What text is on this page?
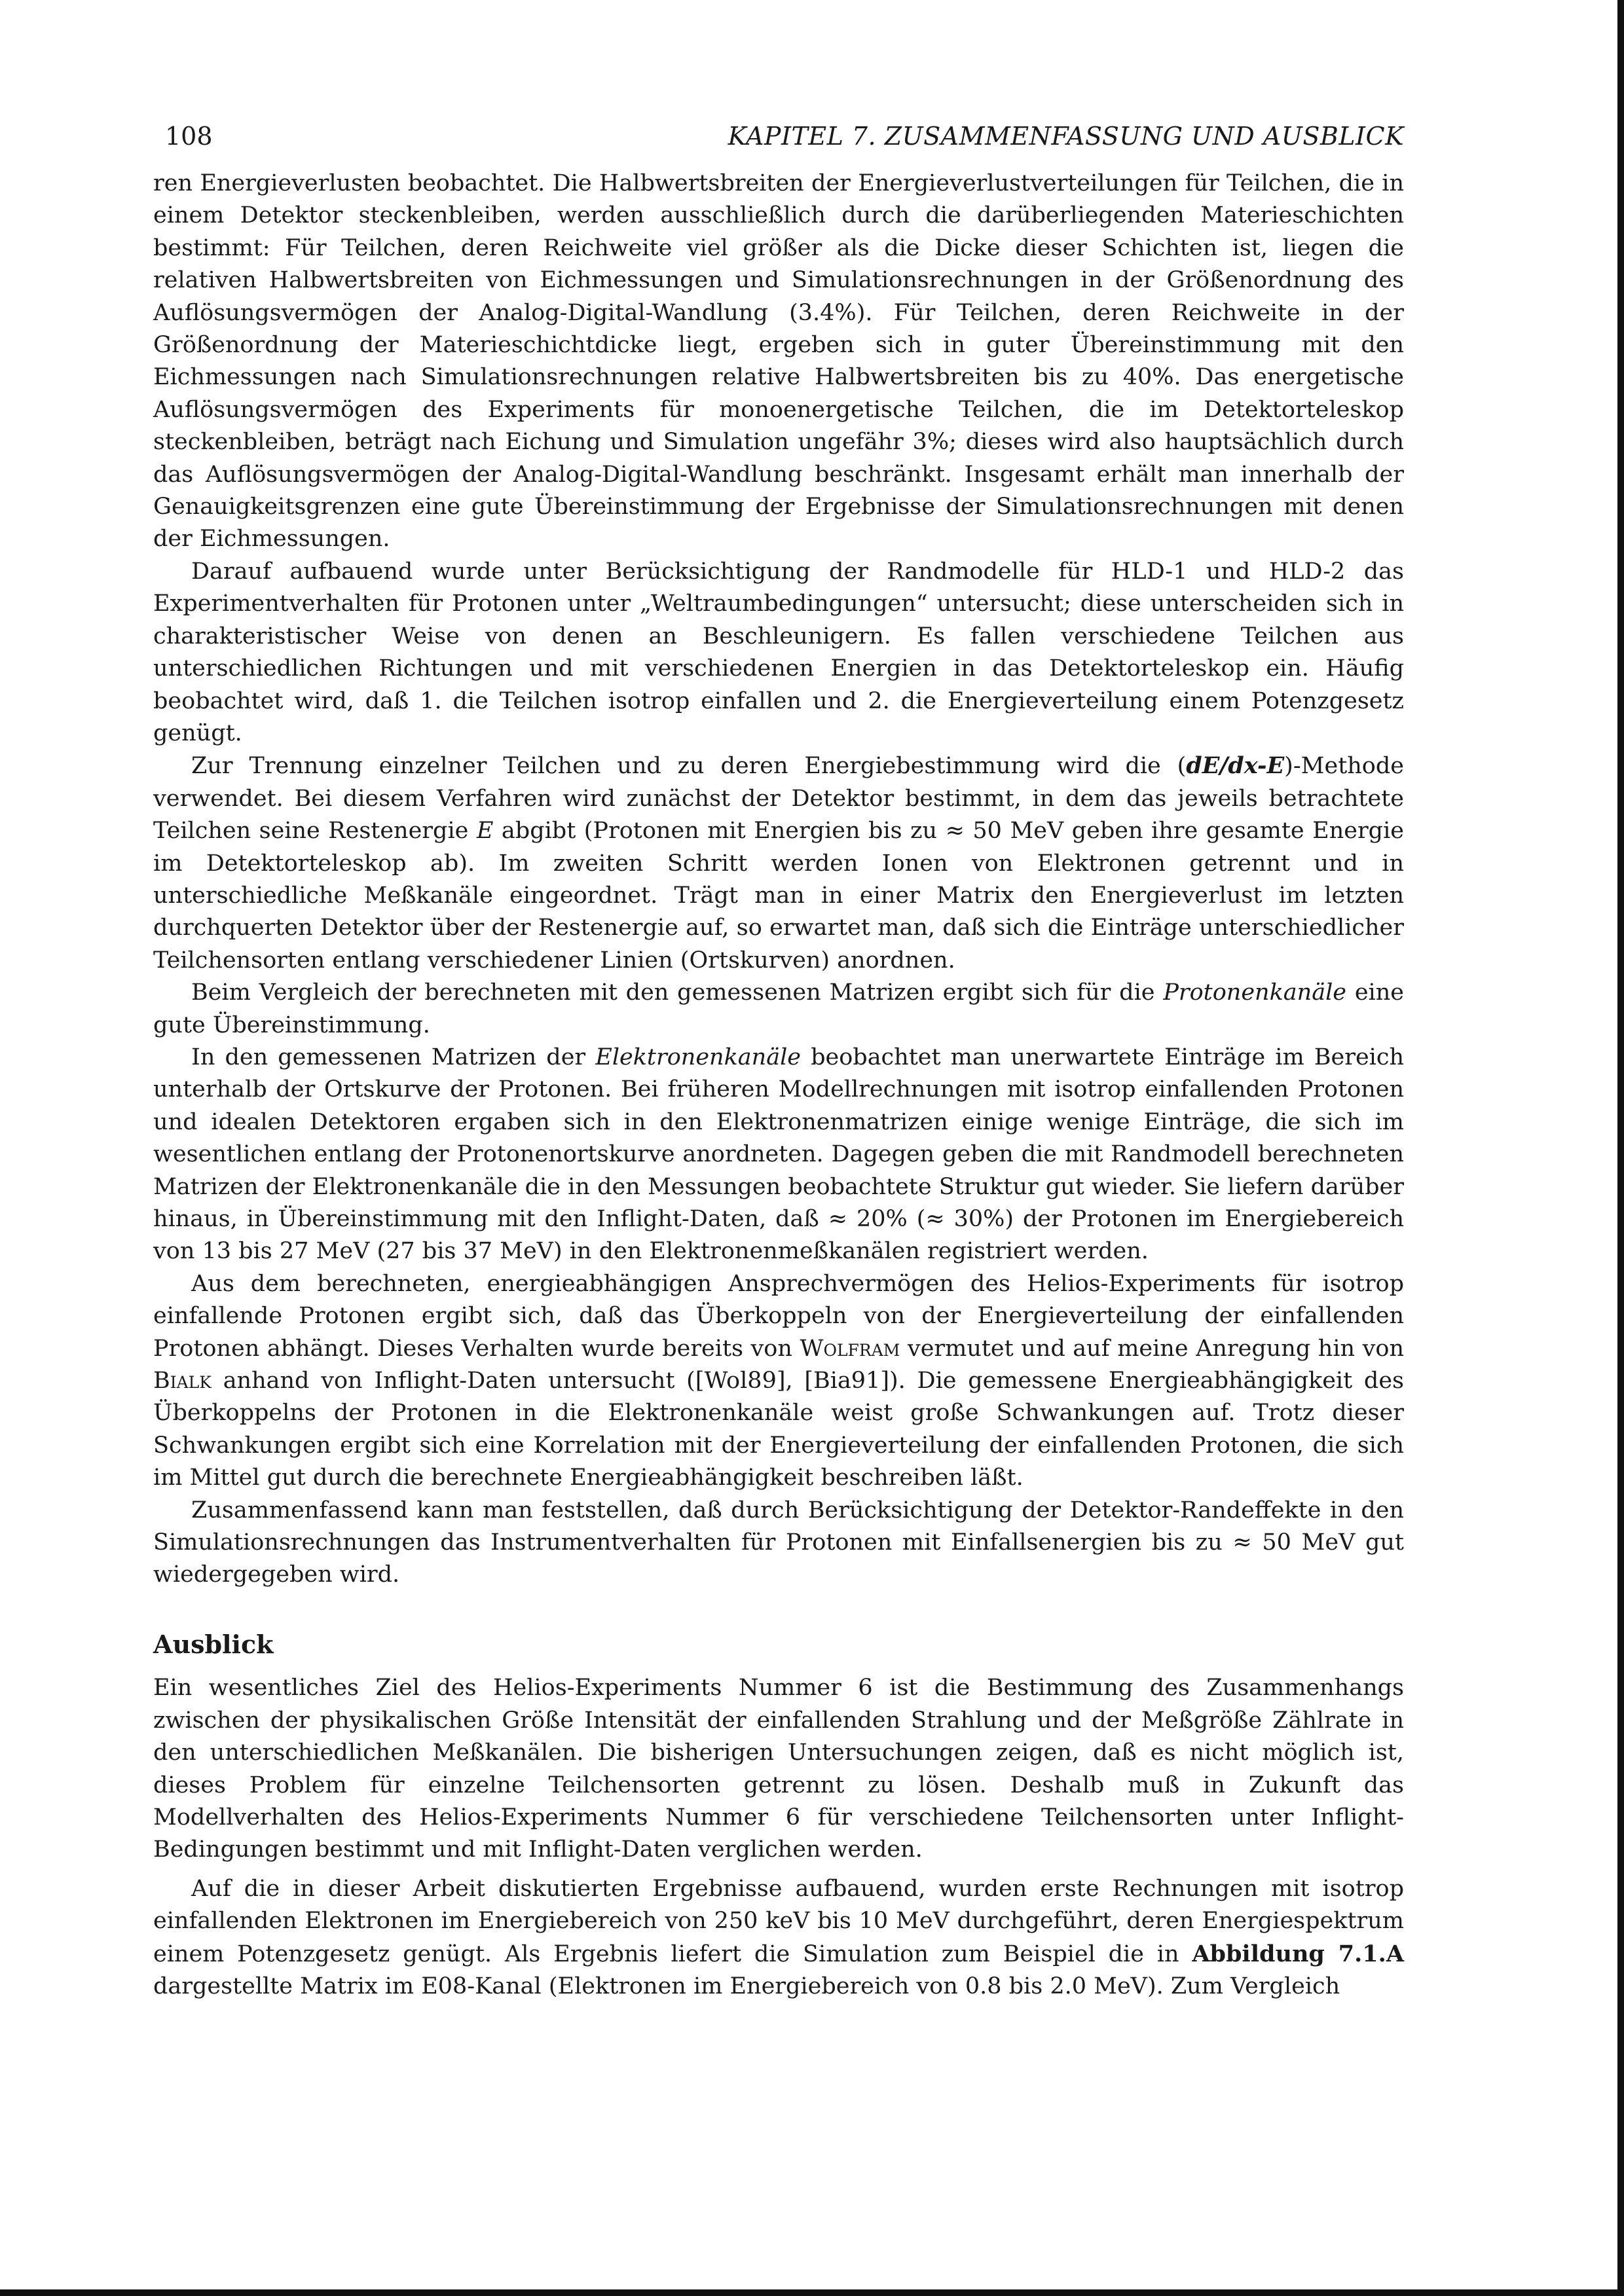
108	KAPITEL 7. ZUSAMMENFASSUNG UND AUSBLICK

ren Energieverlusten beobachtet. Die Halbwertsbreiten der Energieverlustverteilungen für Teilchen, die in einem Detektor steckenbleiben, werden ausschließlich durch die darüberliegenden Materieschichten bestimmt: Für Teilchen, deren Reichweite viel größer als die Dicke dieser Schichten ist, liegen die relativen Halbwertsbreiten von Eichmessungen und Simulationsrechnungen in der Größenordnung des Auflösungsvermögen der Analog-Digital-Wandlung (3.4%). Für Teilchen, deren Reichweite in der Größenordnung der Materieschichtdicke liegt, ergeben sich in guter Übereinstimmung mit den Eichmessungen nach Simulationsrechnungen relative Halbwertsbreiten bis zu 40%. Das energetische Auflösungsvermögen des Experiments für monoenergetische Teilchen, die im Detektorteleskop steckenbleiben, beträgt nach Eichung und Simulation ungefähr 3%; dieses wird also hauptsächlich durch das Auflösungsvermögen der Analog-Digital-Wandlung beschränkt. Insgesamt erhält man innerhalb der Genauigkeitsgrenzen eine gute Übereinstimmung der Ergebnisse der Simulationsrechnungen mit denen der Eichmessungen.

Darauf aufbauend wurde unter Berücksichtigung der Randmodelle für HLD-1 und HLD-2 das Experimentverhalten für Protonen unter „Weltraumbedingungen“ untersucht; diese unterscheiden sich in charakteristischer Weise von denen an Beschleunigern. Es fallen verschiedene Teilchen aus unterschiedlichen Richtungen und mit verschiedenen Energien in das Detektorteleskop ein. Häufig beobachtet wird, daß 1. die Teilchen isotrop einfallen und 2. die Energieverteilung einem Potenzgesetz genügt.

Zur Trennung einzelner Teilchen und zu deren Energiebestimmung wird die (dE/dx-E)-Methode verwendet. Bei diesem Verfahren wird zunächst der Detektor bestimmt, in dem das jeweils betrachtete Teilchen seine Restenergie E abgibt (Protonen mit Energien bis zu ≈ 50 MeV geben ihre gesamte Energie im Detektorteleskop ab). Im zweiten Schritt werden Ionen von Elektronen getrennt und in unterschiedliche Meßkanäle eingeordnet. Trägt man in einer Matrix den Energieverlust im letzten durchquerten Detektor über der Restenergie auf, so erwartet man, daß sich die Einträge unterschiedlicher Teilchensorten entlang verschiedener Linien (Ortskurven) anordnen.

Beim Vergleich der berechneten mit den gemessenen Matrizen ergibt sich für die Protonenkanäle eine gute Übereinstimmung.

In den gemessenen Matrizen der Elektronenkanäle beobachtet man unerwartete Einträge im Bereich unterhalb der Ortskurve der Protonen. Bei früheren Modellrechnungen mit isotrop einfallenden Protonen und idealen Detektoren ergaben sich in den Elektronenmatrizen einige wenige Einträge, die sich im wesentlichen entlang der Protonenortskurve anordneten. Dagegen geben die mit Randmodell berechneten Matrizen der Elektronenkanäle die in den Messungen beobachtete Struktur gut wieder. Sie liefern darüber hinaus, in Übereinstimmung mit den Inflight-Daten, daß ≈ 20% (≈ 30%) der Protonen im Energiebereich von 13 bis 27 MeV (27 bis 37 MeV) in den Elektronenmeßkanälen registriert werden.

Aus dem berechneten, energieabhängigen Ansprechvermögen des Helios-Experiments für isotrop einfallende Protonen ergibt sich, daß das Überkoppeln von der Energieverteilung der einfallenden Protonen abhängt. Dieses Verhalten wurde bereits von Wolfram vermutet und auf meine Anregung hin von Bialk anhand von Inflight-Daten untersucht ([Wol89], [Bia91]). Die gemessene Energieabhängigkeit des Überkoppelns der Protonen in die Elektronenkanäle weist große Schwankungen auf. Trotz dieser Schwankungen ergibt sich eine Korrelation mit der Energieverteilung der einfallenden Protonen, die sich im Mittel gut durch die berechnete Energieabhängigkeit beschreiben läßt.

Zusammenfassend kann man feststellen, daß durch Berücksichtigung der Detektor-Randeffekte in den Simulationsrechnungen das Instrumentverhalten für Protonen mit Einfallsenergien bis zu ≈ 50 MeV gut wiedergegeben wird.

Ausblick

Ein wesentliches Ziel des Helios-Experiments Nummer 6 ist die Bestimmung des Zusammenhangs zwischen der physikalischen Größe Intensität der einfallenden Strahlung und der Meßgröße Zählrate in den unterschiedlichen Meßkanälen. Die bisherigen Untersuchungen zeigen, daß es nicht möglich ist, dieses Problem für einzelne Teilchensorten getrennt zu lösen. Deshalb muß in Zukunft das Modellverhalten des Helios-Experiments Nummer 6 für verschiedene Teilchensorten unter Inflight-Bedingungen bestimmt und mit Inflight-Daten verglichen werden.

Auf die in dieser Arbeit diskutierten Ergebnisse aufbauend, wurden erste Rechnungen mit isotrop einfallenden Elektronen im Energiebereich von 250 keV bis 10 MeV durchgeführt, deren Energiespektrum einem Potenzgesetz genügt. Als Ergebnis liefert die Simulation zum Beispiel die in Abbildung 7.1.A dargestellte Matrix im E08-Kanal (Elektronen im Energiebereich von 0.8 bis 2.0 MeV). Zum Vergleich
